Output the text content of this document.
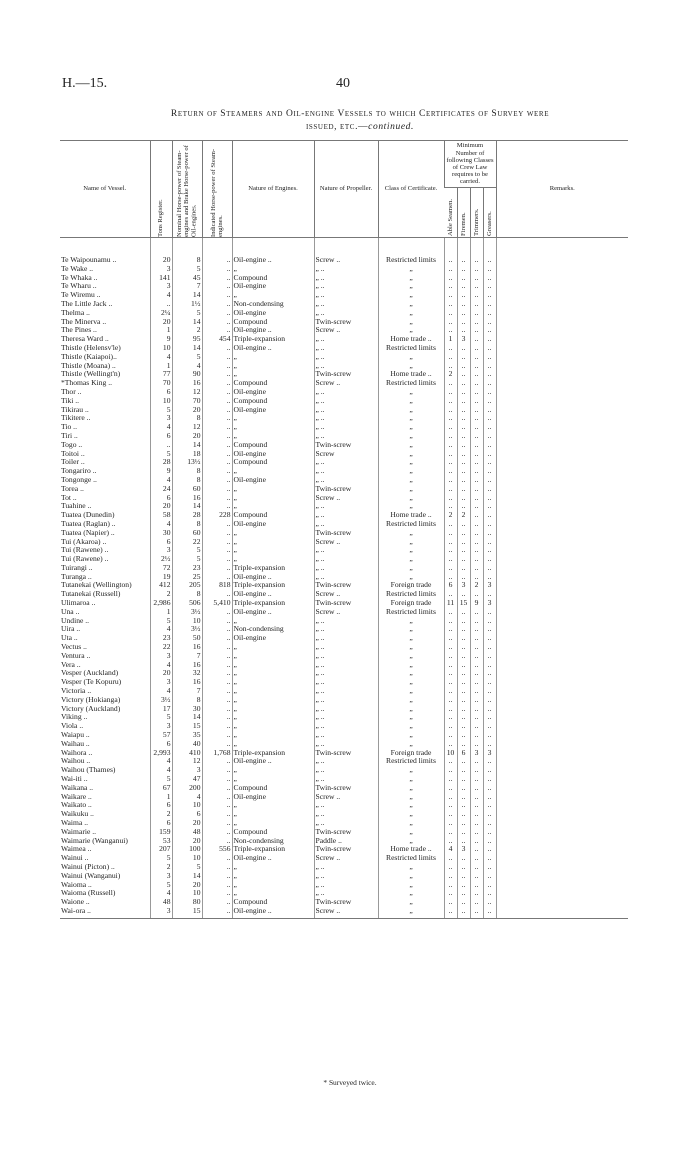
H.—15.	40
Return of Steamers and Oil-engine Vessels to which Certificates of Survey were
issued, etc.—continued.
Name of Vessel.	Tons Register.	Nominal Horse-power of Steam-engines and Brake Horse-power of Oil-engines.	Indicated Horse-power of Steam-engines.	Nature of Engines.	Nature of Propeller.	Class of Certificate.	Minimum Number of following Classes of Crew Law requires to be carried.				Remarks.

							Able Seamen.	Firemen.	Trimmers.	Greasers.	

Te Waipounamu ..	20	8	..	Oil-engine ..	Screw ..	Restricted limits	..	..	..	..	
Te Wake ..	3	5	..	„	„ ..	„	..	..	..	..	
Te Whaka ..	141	45	..	Compound	„ ..	„	..	..	..	..	
Te Wharu ..	3	7	..	Oil-engine	„ ..	„	..	..	..	..	
Te Wiremu ..	4	14	..	„	„ ..	„	..	..	..	..	
The Little Jack ..	..	1½	..	Non-condensing	„ ..	„	..	..	..	..	
Thelma ..	2¼	5	..	Oil-engine	„ ..	„	..	..	..	..	
The Minerva ..	20	14	..	Compound	Twin-screw	„	..	..	..	..	
The Pines ..	1	2	..	Oil-engine ..	Screw ..	„	..	..	..	..	
Theresa Ward ..	9	95	454	Triple-expansion	„ ..	Home trade ..	1	3	..	..	
Thistle (Helensv'le)	10	14	..	Oil-engine ..	„ ..	Restricted limits	..	..	..	..	
Thistle (Kaiapoi)..	4	5	..	„	„ ..	„	..	..	..	..	
Thistle (Moana) ..	1	4	..	„	„ ..	„	..	..	..	..	
Thistle (Wellingt'n)	77	90	..	„	Twin-screw	Home trade ..	2	..	..	..	
*Thomas King ..	70	16	..	Compound	Screw ..	Restricted limits	..	..	..	..	
Thor ..	6	12	..	Oil-engine	„ ..	„	..	..	..	..	
Tiki ..	10	70	..	Compound	„ ..	„	..	..	..	..	
Tikirau ..	5	20	..	Oil-engine	„ ..	„	..	..	..	..	
Tikitere ..	3	8	..	„	„ ..	„	..	..	..	..	
Tio ..	4	12	..	„	„ ..	„	..	..	..	..	
Tiri ..	6	20	..	„	„ ..	„	..	..	..	..	
Togo ..	..	14	..	Compound	Twin-screw	„	..	..	..	..	
Toitoi ..	5	18	..	Oil-engine	Screw	„	..	..	..	..	
Toiler ..	28	13½	..	Compound	„ ..	„	..	..	..	..	
Tongariro ..	9	8	..	„	„ ..	„	..	..	..	..	
Tongonge ..	4	8	..	Oil-engine	„ ..	„	..	..	..	..	
Torea ..	24	60	..	„	Twin-screw	„	..	..	..	..	
Tot ..	6	16	..	„	Screw ..	„	..	..	..	..	
Tuahine ..	20	14	..	„	„ ..	„	..	..	..	..	
Tuatea (Dunedin)	58	28	228	Compound	„ ..	Home trade ..	2	2	..	..	
Tuatea (Raglan) ..	4	8	..	Oil-engine	„ ..	Restricted limits	..	..	..	..	
Tuatea (Napier) ..	30	60	..	„	Twin-screw	„	..	..	..	..	
Tui (Akaroa) ..	6	22	..	„	Screw ..	„	..	..	..	..	
Tui (Rawene) ..	3	5	..	„	„ ..	„	..	..	..	..	
Tui (Rawene) ..	2½	5	..	„	„ ..	„	..	..	..	..	
Tuirangi ..	72	23	..	Triple-expansion	„ ..	„	..	..	..	..	
Turanga ..	19	25	..	Oil-engine ..	„ ..	„	..	..	..	..	
Tutanekai (Wellington)	412	205	818	Triple-expansion	Twin-screw	Foreign trade	6	3	2	3	
Tutanekai (Russell)	2	8	..	Oil-engine ..	Screw ..	Restricted limits	..	..	..	..	
Ulimaroa ..	2,986	506	5,410	Triple-expansion	Twin-screw	Foreign trade	11	15	9	3	
Una ..	1	3½	..	Oil-engine ..	Screw ..	Restricted limits	..	..	..	..	
Undine ..	5	10	..	„	„ ..	„	..	..	..	..	
Uira ..	4	3½	..	Non-condensing	„ ..	„	..	..	..	..	
Uta ..	23	50	..	Oil-engine	„ ..	„	..	..	..	..	
Vectus ..	22	16	..	„	„ ..	„	..	..	..	..	
Ventura ..	3	7	..	„	„ ..	„	..	..	..	..	
Vera ..	4	16	..	„	„ ..	„	..	..	..	..	
Vesper (Auckland)	20	32	..	„	„ ..	„	..	..	..	..	
Vesper (Te Kopuru)	3	16	..	„	„ ..	„	..	..	..	..	
Victoria ..	4	7	..	„	„ ..	„	..	..	..	..	
Victory (Hokianga)	3½	8	..	„	„ ..	„	..	..	..	..	
Victory (Auckland)	17	30	..	„	„ ..	„	..	..	..	..	
Viking ..	5	14	..	„	„ ..	„	..	..	..	..	
Viola ..	3	15	..	„	„ ..	„	..	..	..	..	
Waiapu ..	57	35	..	„	„ ..	„	..	..	..	..	
Waihau ..	6	40	..	„	„ ..	„	..	..	..	..	
Waihora ..	2,993	410	1,768	Triple-expansion	Twin-screw	Foreign trade	10	6	3	3	
Waihou ..	4	12	..	Oil-engine ..	„ ..	Restricted limits	..	..	..	..	
Waihou (Thames)	4	3	..	„	„ ..	„	..	..	..	..	
Wai-iti ..	5	47	..	„	„ ..	„	..	..	..	..	
Waikana ..	67	200	..	Compound	Twin-screw	„	..	..	..	..	
Waikare ..	1	4	..	Oil-engine	Screw ..	„	..	..	..	..	
Waikato ..	6	10	..	„	„ ..	„	..	..	..	..	
Waikuku ..	2	6	..	„	„ ..	„	..	..	..	..	
Waima ..	6	20	..	„	„ ..	„	..	..	..	..	
Waimarie ..	159	48	..	Compound	Twin-screw	„	..	..	..	..	
Waimarie (Wanganui)	53	20	..	Non-condensing	Paddle ..	„	..	..	..	..	
Waimea ..	207	100	556	Triple-expansion	Twin-screw	Home trade ..	4	3	..	..	
Wainui ..	5	10	..	Oil-engine ..	Screw ..	Restricted limits	..	..	..	..	
Wainui (Picton) ..	2	5	..	„	„ ..	„	..	..	..	..	
Wainui (Wanganui)	3	14	..	„	„ ..	„	..	..	..	..	
Waioma ..	5	20	..	„	„ ..	„	..	..	..	..	
Waioma (Russell)	4	10	..	„	„ ..	„	..	..	..	..	
Waione ..	48	80	..	Compound	Twin-screw	„	..	..	..	..	
Wai-ora ..	3	15	..	Oil-engine ..	Screw ..	„	..	..	..	..	
* Surveyed twice.
